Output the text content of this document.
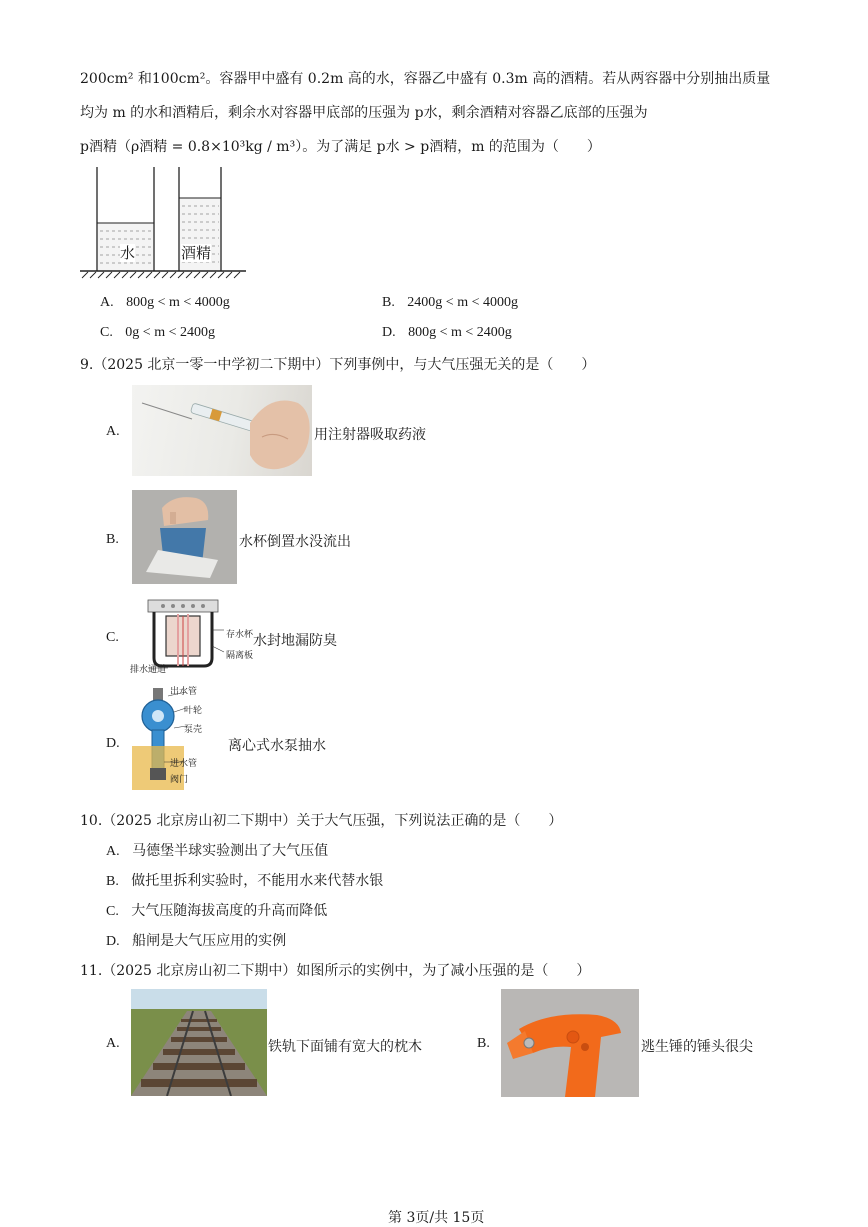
200cm² 和100cm²。容器甲中盛有 0.2m 高的水，容器乙中盛有 0.3m 高的酒精。若从两容器中分别抽出质量
均为 m 的水和酒精后，剩余水对容器甲底部的压强为 p水，剩余酒精对容器乙底部的压强为
p酒精（ρ酒精 = 0.8×10³kg / m³）。为了满足 p水 > p酒精，m 的范围为（　　）
水	酒精
A. 800g < m < 4000g	B. 2400g < m < 4000g
C. 0g < m < 2400g	D. 800g < m < 2400g
9.（2025 北京一零一中学初二下期中）下列事例中，与大气压强无关的是（　　）
A.	用注射器吸取药液
B.	水杯倒置水没流出
C.	存水杯
隔离板
排水通道
水封地漏防臭
D.
出水管
叶轮
泵壳
进水管
阀门
离心式水泵抽水
10.（2025 北京房山初二下期中）关于大气压强，下列说法正确的是（　　）
A. 马德堡半球实验测出了大气压值
B. 做托里拆利实验时，不能用水来代替水银
C. 大气压随海拔高度的升高而降低
D. 船闸是大气压应用的实例
11.（2025 北京房山初二下期中）如图所示的实例中，为了减小压强的是（　　）
A.	铁轨下面铺有宽大的枕木	B.	逃生锤的锤头很尖
第 3页/共 15页
